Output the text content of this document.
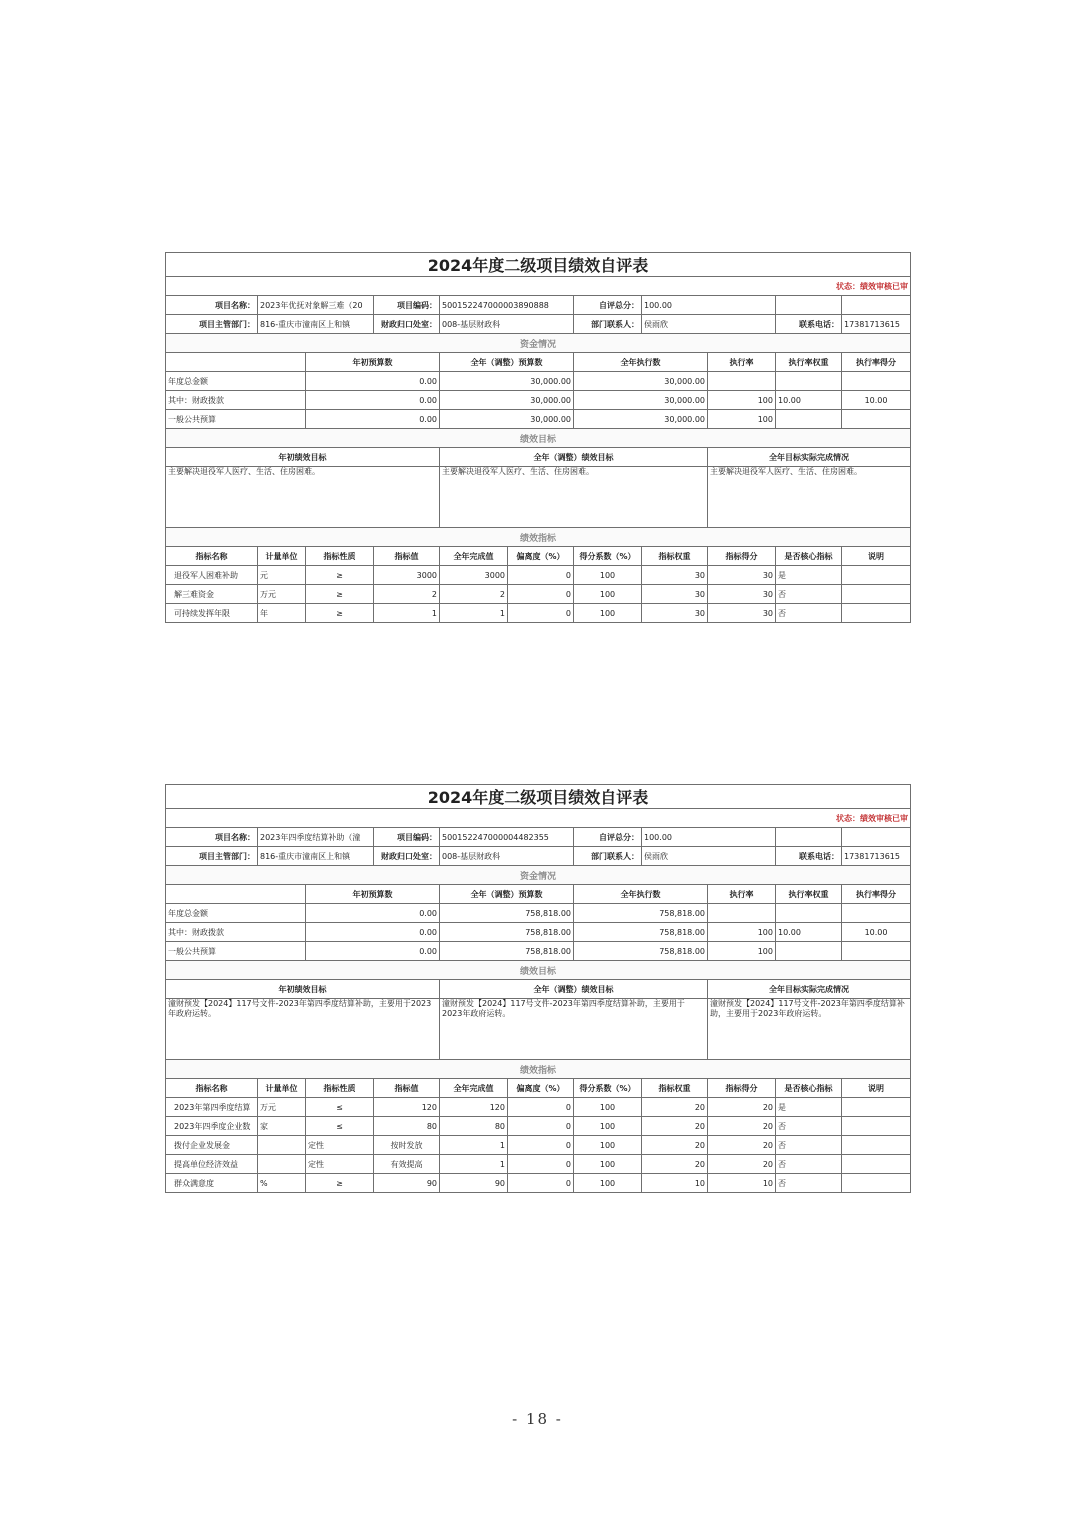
2024年度二级项目绩效自评表										
状态：绩效审核已审										
项目名称：	2023年优抚对象解三难（20		项目编码：	500152247000003890888		自评总分：	100.00			
项目主管部门：	816-重庆市潼南区上和镇		财政归口处室：	008-基层财政科		部门联系人：	侯雨欣		联系电话：	17381713615
资金情况										
		年初预算数		全年（调整）预算数		全年执行数		执行率	执行率权重	执行率得分
年度总金额		0.00		30,000.00		30,000.00				
其中：财政拨款		0.00		30,000.00		30,000.00		100	10.00	10.00
一般公共预算		0.00		30,000.00		30,000.00		100		
绩效目标										
年初绩效目标				全年（调整）绩效目标				全年目标实际完成情况		
主要解决退役军人医疗、生活、住房困难。				主要解决退役军人医疗、生活、住房困难。				主要解决退役军人医疗、生活、住房困难。		
绩效指标										
指标名称	计量单位	指标性质	指标值	全年完成值	偏离度（%）	得分系数（%）	指标权重	指标得分	是否核心指标	说明
退役军人困难补助	元	≥	3000	3000	0	100	30	30	是	
解三难资金	万元	≥	2	2	0	100	30	30	否	
可持续发挥年限	年	≥	1	1	0	100	30	30	否	
2024年度二级项目绩效自评表										
状态：绩效审核已审										
项目名称：	2023年四季度结算补助（潼		项目编码：	500152247000004482355		自评总分：	100.00			
项目主管部门：	816-重庆市潼南区上和镇		财政归口处室：	008-基层财政科		部门联系人：	侯雨欣		联系电话：	17381713615
资金情况										
		年初预算数		全年（调整）预算数		全年执行数		执行率	执行率权重	执行率得分
年度总金额		0.00		758,818.00		758,818.00				
其中：财政拨款		0.00		758,818.00		758,818.00		100	10.00	10.00
一般公共预算		0.00		758,818.00		758,818.00		100		
绩效目标										
年初绩效目标				全年（调整）绩效目标				全年目标实际完成情况		
潼财预发【2024】117号文件-2023年第四季度结算补助，主要用于2023年政府运转。				潼财预发【2024】117号文件-2023年第四季度结算补助，主要用于2023年政府运转。				潼财预发【2024】117号文件-2023年第四季度结算补助，主要用于2023年政府运转。		
绩效指标										
指标名称	计量单位	指标性质	指标值	全年完成值	偏离度（%）	得分系数（%）	指标权重	指标得分	是否核心指标	说明
2023年第四季度结算	万元	≤	120	120	0	100	20	20	是	
2023年四季度企业数	家	≤	80	80	0	100	20	20	否	
拨付企业发展金		定性	按时发放	1	0	100	20	20	否	
提高单位经济效益		定性	有效提高	1	0	100	20	20	否	
群众满意度	%	≥	90	90	0	100	10	10	否	
- 18 -
